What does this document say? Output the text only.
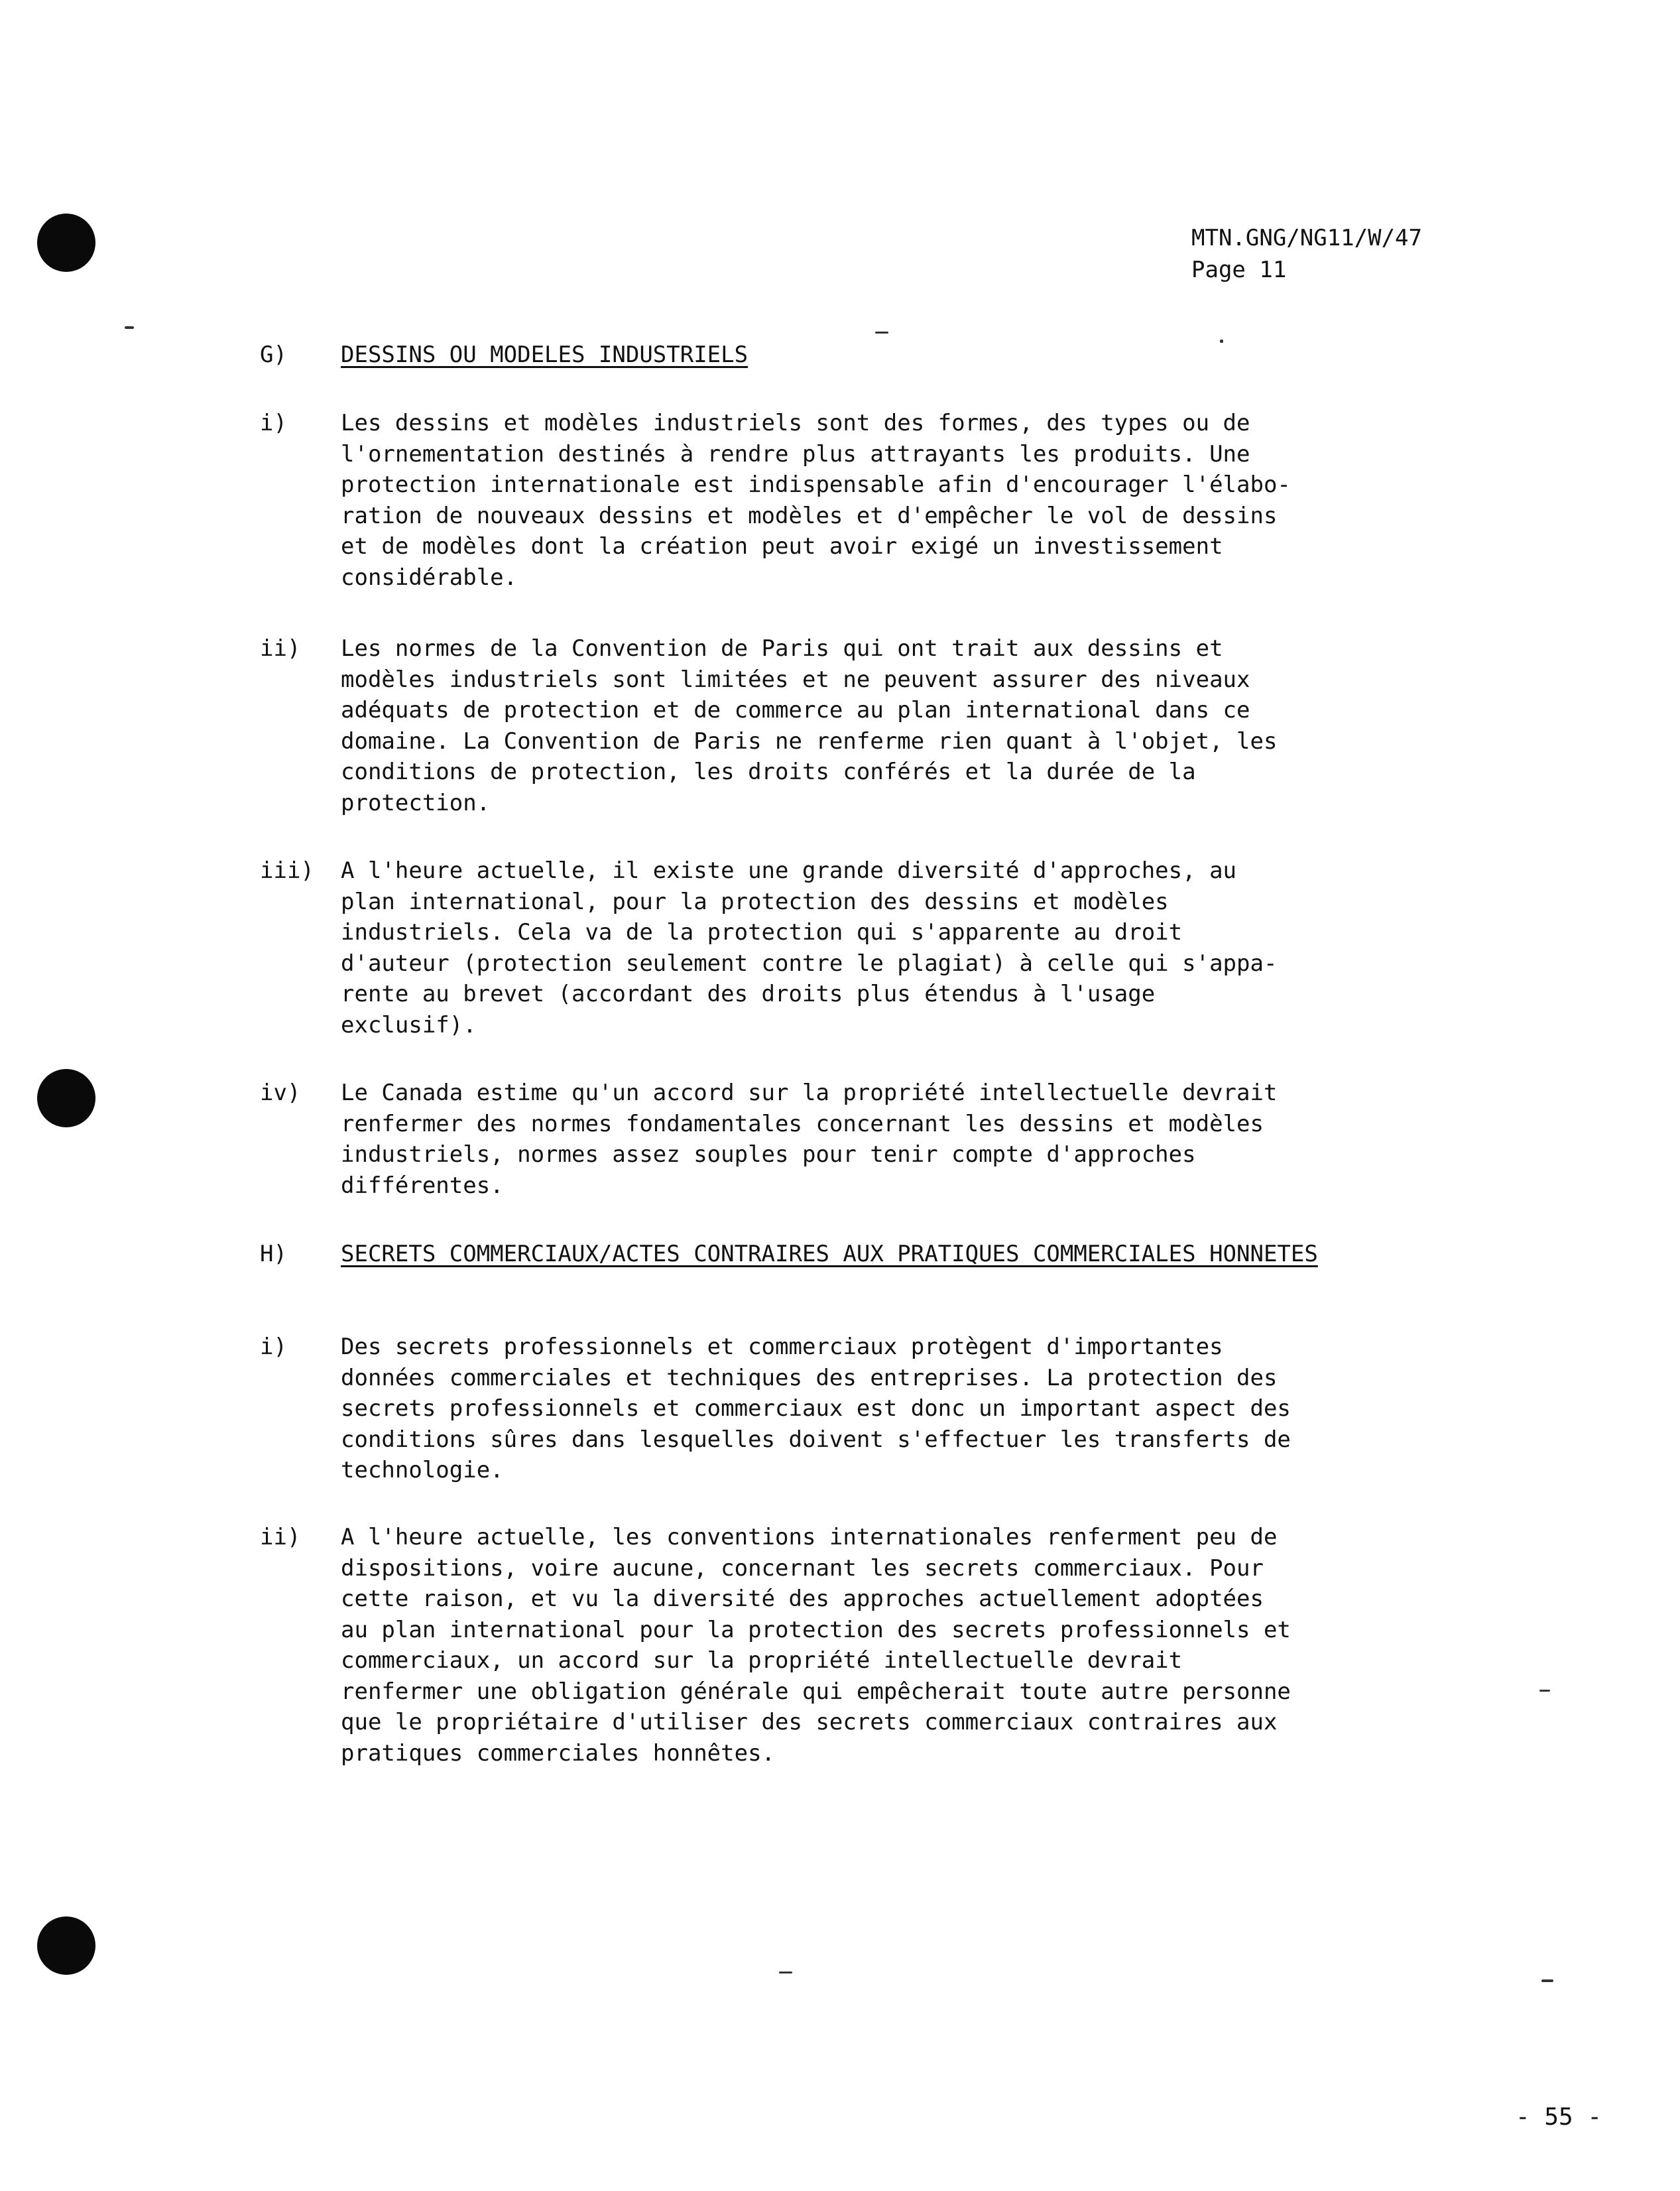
MTN.GNG/NG11/W/47
Page 11
G) DESSINS OU MODELES INDUSTRIELS
i) Les dessins et modèles industriels sont des formes, des types ou de
l'ornementation destinés à rendre plus attrayants les produits. Une
protection internationale est indispensable afin d'encourager l'élabo-
ration de nouveaux dessins et modèles et d'empêcher le vol de dessins
et de modèles dont la création peut avoir exigé un investissement
considérable.
ii) Les normes de la Convention de Paris qui ont trait aux dessins et
modèles industriels sont limitées et ne peuvent assurer des niveaux
adéquats de protection et de commerce au plan international dans ce
domaine. La Convention de Paris ne renferme rien quant à l'objet, les
conditions de protection, les droits conférés et la durée de la
protection.
iii) A l'heure actuelle, il existe une grande diversité d'approches, au
plan international, pour la protection des dessins et modèles
industriels. Cela va de la protection qui s'apparente au droit
d'auteur (protection seulement contre le plagiat) à celle qui s'appa-
rente au brevet (accordant des droits plus étendus à l'usage
exclusif).
iv) Le Canada estime qu'un accord sur la propriété intellectuelle devrait
renfermer des normes fondamentales concernant les dessins et modèles
industriels, normes assez souples pour tenir compte d'approches
différentes.
H) SECRETS COMMERCIAUX/ACTES CONTRAIRES AUX PRATIQUES COMMERCIALES HONNETES
i) Des secrets professionnels et commerciaux protègent d'importantes
données commerciales et techniques des entreprises. La protection des
secrets professionnels et commerciaux est donc un important aspect des
conditions sûres dans lesquelles doivent s'effectuer les transferts de
technologie.
ii) A l'heure actuelle, les conventions internationales renferment peu de
dispositions, voire aucune, concernant les secrets commerciaux. Pour
cette raison, et vu la diversité des approches actuellement adoptées
au plan international pour la protection des secrets professionnels et
commerciaux, un accord sur la propriété intellectuelle devrait
renfermer une obligation générale qui empêcherait toute autre personne
que le propriétaire d'utiliser des secrets commerciaux contraires aux
pratiques commerciales honnêtes.
- 55 -
